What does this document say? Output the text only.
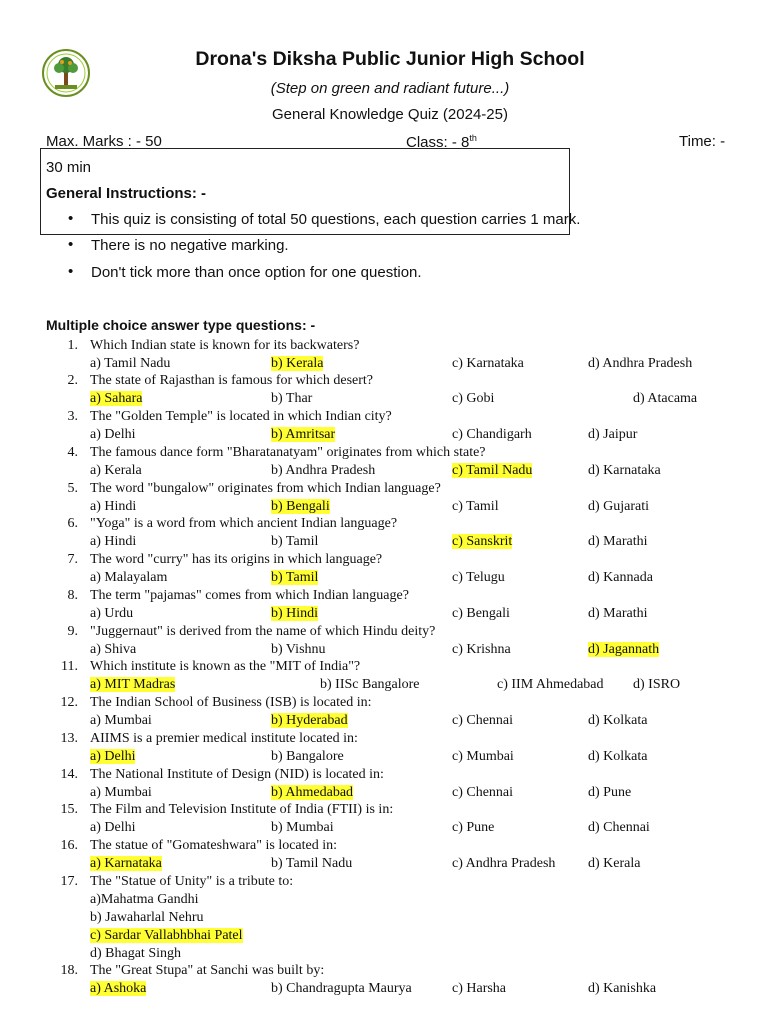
Drona's Diksha Public Junior High School
(Step on green and radiant future...)
General Knowledge Quiz (2024-25)
Max. Marks : - 50	Class: - 8th	Time: -
30 min
General Instructions: -
• This quiz is consisting of total 50 questions, each question carries 1 mark.
• There is no negative marking.
• Don't tick more than once option for one question.
Multiple choice answer type questions: -
1. Which Indian state is known for its backwaters?
a) Tamil Nadu	b) Kerala	c) Karnataka	d) Andhra Pradesh
2. The state of Rajasthan is famous for which desert?
a) Sahara	b) Thar	c) Gobi	d) Atacama
3. The "Golden Temple" is located in which Indian city?
a) Delhi	b) Amritsar	c) Chandigarh	d) Jaipur
4. The famous dance form "Bharatanatyam" originates from which state?
a) Kerala	b) Andhra Pradesh	c) Tamil Nadu	d) Karnataka
5. The word "bungalow" originates from which Indian language?
a) Hindi	b) Bengali	c) Tamil	d) Gujarati
6. "Yoga" is a word from which ancient Indian language?
a) Hindi	b) Tamil	c) Sanskrit	d) Marathi
7. The word "curry" has its origins in which language?
a) Malayalam	b) Tamil	c) Telugu	d) Kannada
8. The term "pajamas" comes from which Indian language?
a) Urdu	b) Hindi	c) Bengali	d) Marathi
9. "Juggernaut" is derived from the name of which Hindu deity?
a) Shiva	b) Vishnu	c) Krishna	d) Jagannath
11. Which institute is known as the "MIT of India"?
a) MIT Madras	b) IISc Bangalore	c) IIM Ahmedabad d) ISRO
12. The Indian School of Business (ISB) is located in:
a) Mumbai	b) Hyderabad	c) Chennai	d) Kolkata
13. AIIMS is a premier medical institute located in:
a) Delhi	b) Bangalore	c) Mumbai	d) Kolkata
14. The National Institute of Design (NID) is located in:
a) Mumbai	b) Ahmedabad	c) Chennai	d) Pune
15. The Film and Television Institute of India (FTII) is in:
a) Delhi	b) Mumbai	c) Pune	d) Chennai
16. The statue of "Gomateshwara" is located in:
a) Karnataka	b) Tamil Nadu	c) Andhra Pradesh d) Kerala
17. The "Statue of Unity" is a tribute to:
a)Mahatma Gandhi
b) Jawaharlal Nehru
c) Sardar Vallabhbhai Patel
d) Bhagat Singh
18. The "Great Stupa" at Sanchi was built by:
a) Ashoka	b) Chandragupta Maurya	c) Harsha	d) Kanishka
